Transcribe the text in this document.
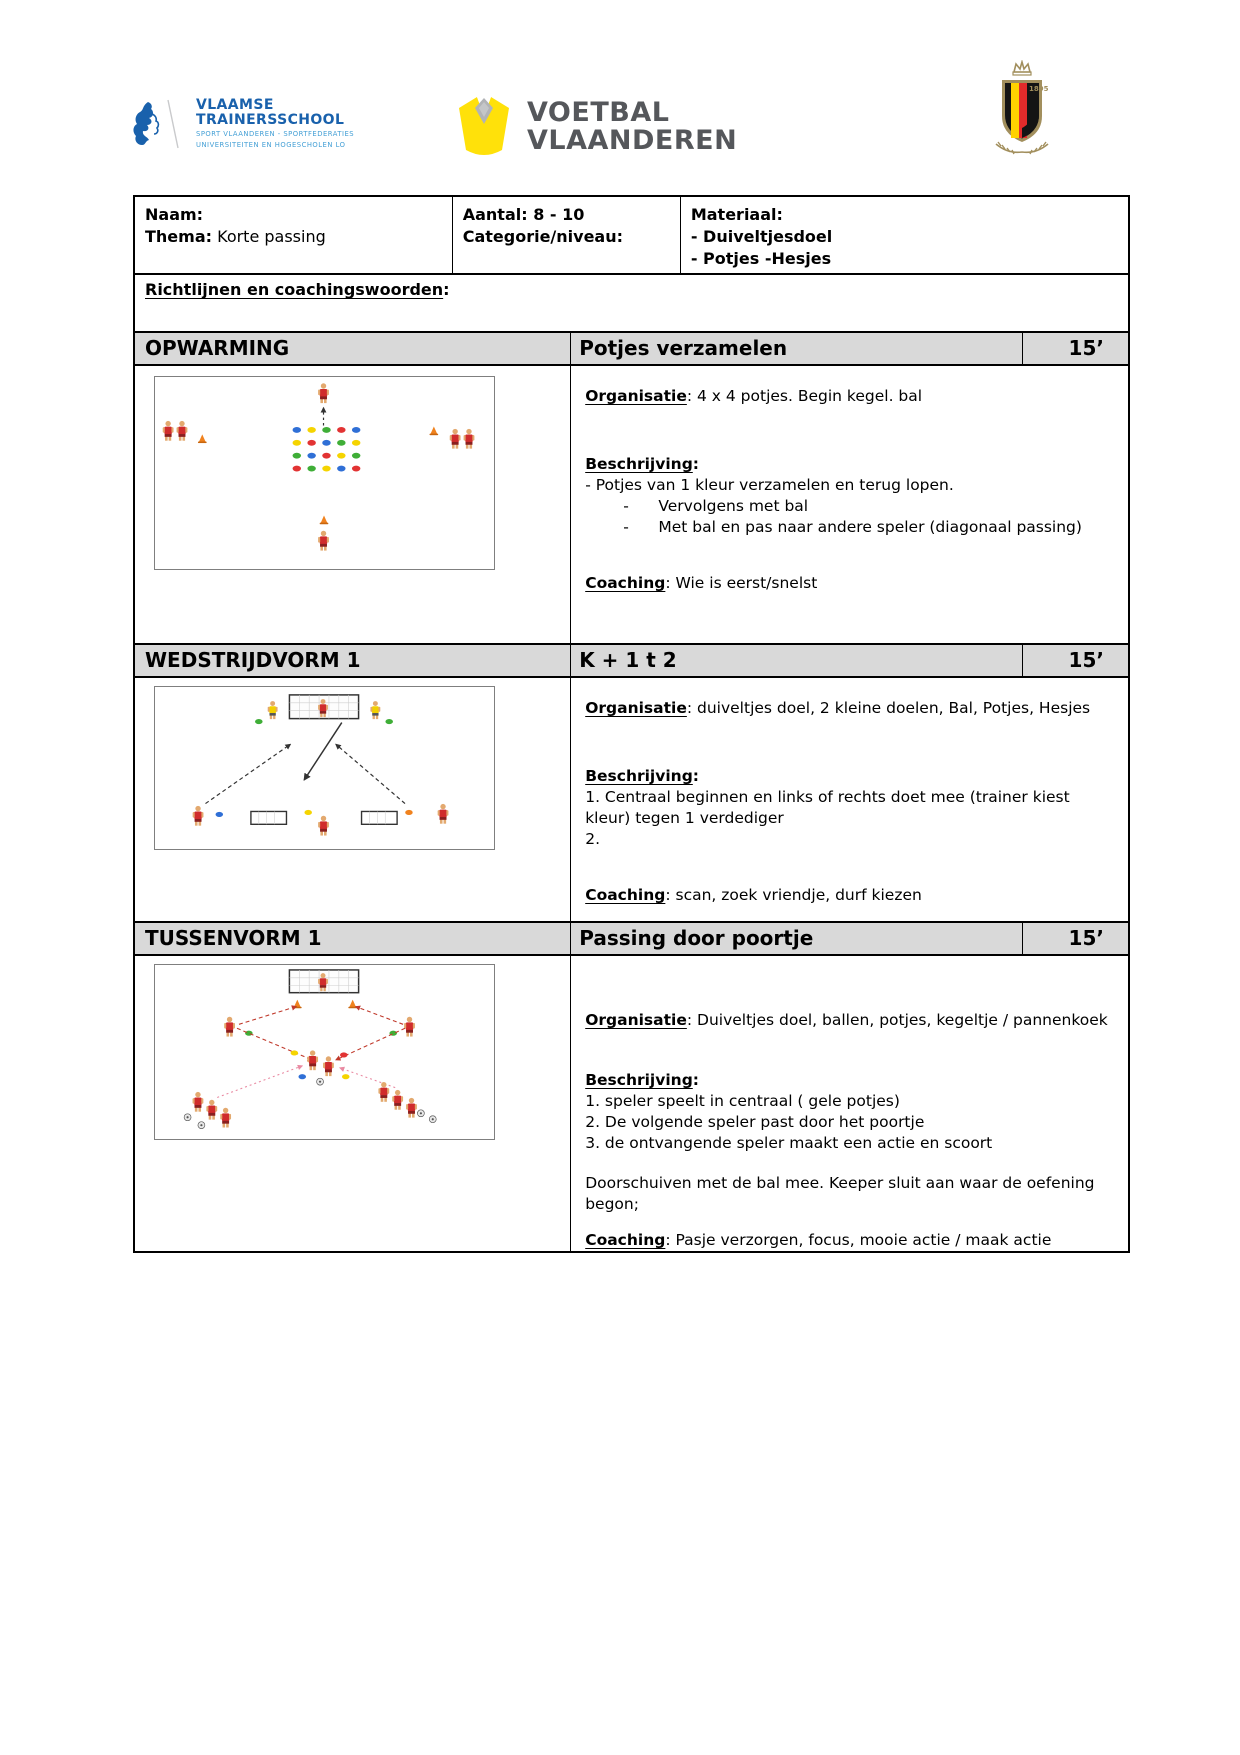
VLAAMSE
TRAINERSSCHOOL
SPORT VLAANDEREN - SPORTFEDERATIES
UNIVERSITEITEN EN HOGESCHOLEN LO
VOETBAL
VLAANDEREN
1895
Naam:
Thema: Korte passing
Aantal: 8 - 10
Categorie/niveau:
Materiaal:
- Duiveltjesdoel
- Potjes -Hesjes
Richtlijnen en coachingswoorden:
OPWARMING	Potjes verzamelen	15’
Organisatie: 4 x 4 potjes. Begin kegel. bal
Beschrijving:
- Potjes van 1 kleur verzamelen en terug lopen.
-      Vervolgens met bal
-      Met bal en pas naar andere speler (diagonaal passing)
Coaching: Wie is eerst/snelst
WEDSTRIJDVORM 1	K + 1 t 2	15’
Organisatie: duiveltjes doel, 2 kleine doelen, Bal, Potjes, Hesjes
Beschrijving:
1. Centraal beginnen en links of rechts doet mee (trainer kiest kleur) tegen 1 verdediger
2.
Coaching: scan, zoek vriendje, durf kiezen
TUSSENVORM 1	Passing door poortje	15’
Organisatie: Duiveltjes doel, ballen, potjes, kegeltje / pannenkoek
Beschrijving:
1. speler speelt in centraal ( gele potjes)
2. De volgende speler past door het poortje
3. de ontvangende speler maakt een actie en scoort
Doorschuiven met de bal mee. Keeper sluit aan waar de oefening begon;
Coaching: Pasje verzorgen, focus, mooie actie / maak actie
